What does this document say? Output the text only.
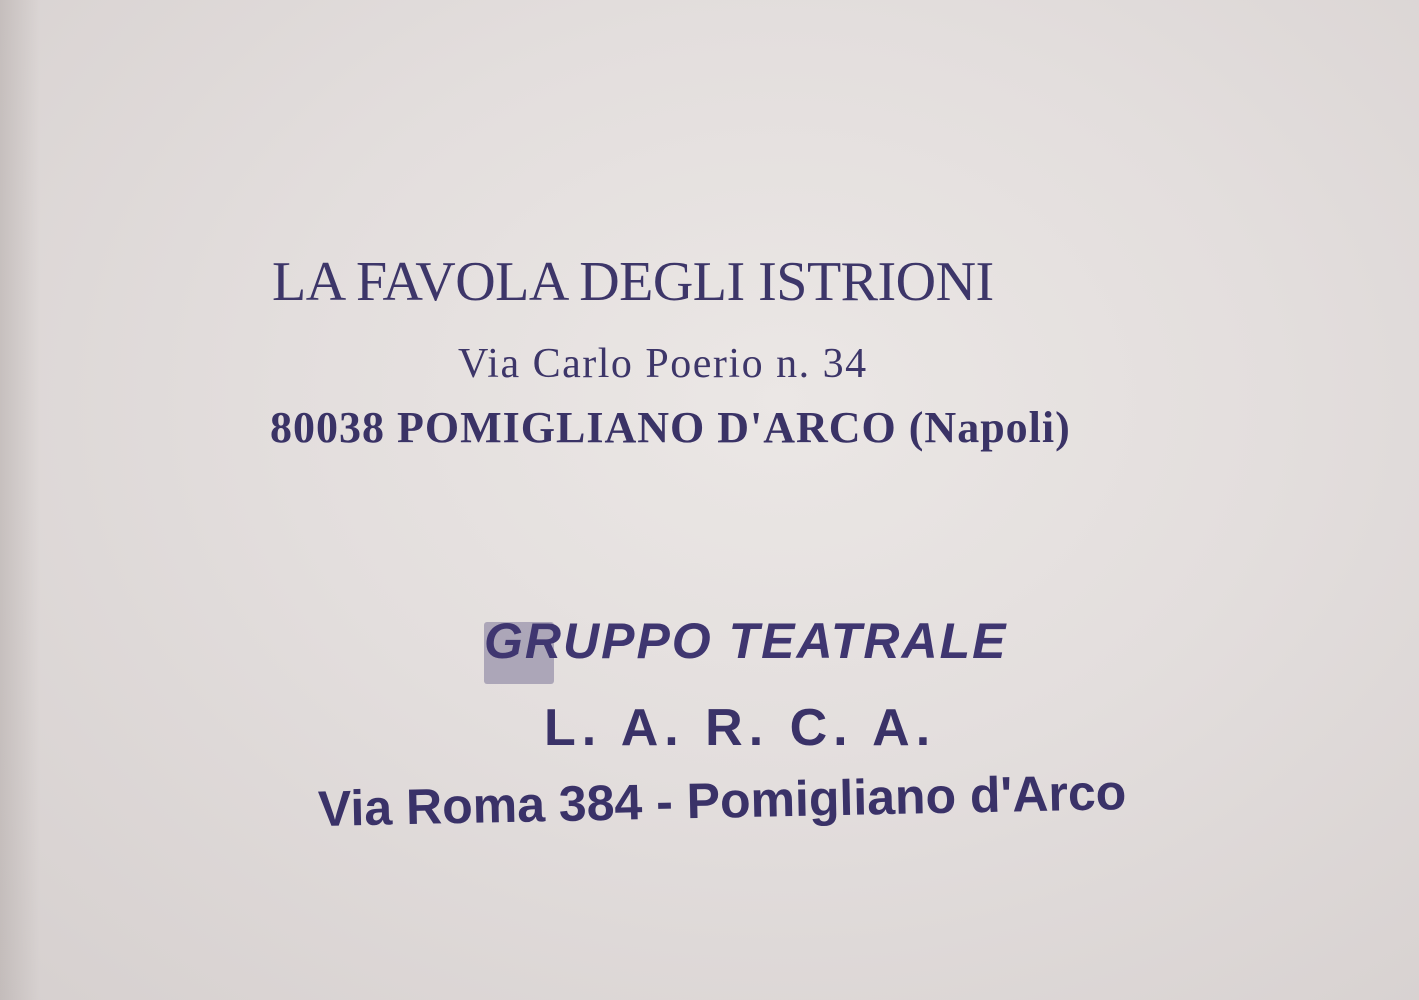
LA FAVOLA DEGLI ISTRIONI
Via Carlo Poerio n. 34
80038 POMIGLIANO D'ARCO (Napoli)
GRUPPO TEATRALE
L. A. R. C. A.
Via Roma 384 - Pomigliano d'Arco
